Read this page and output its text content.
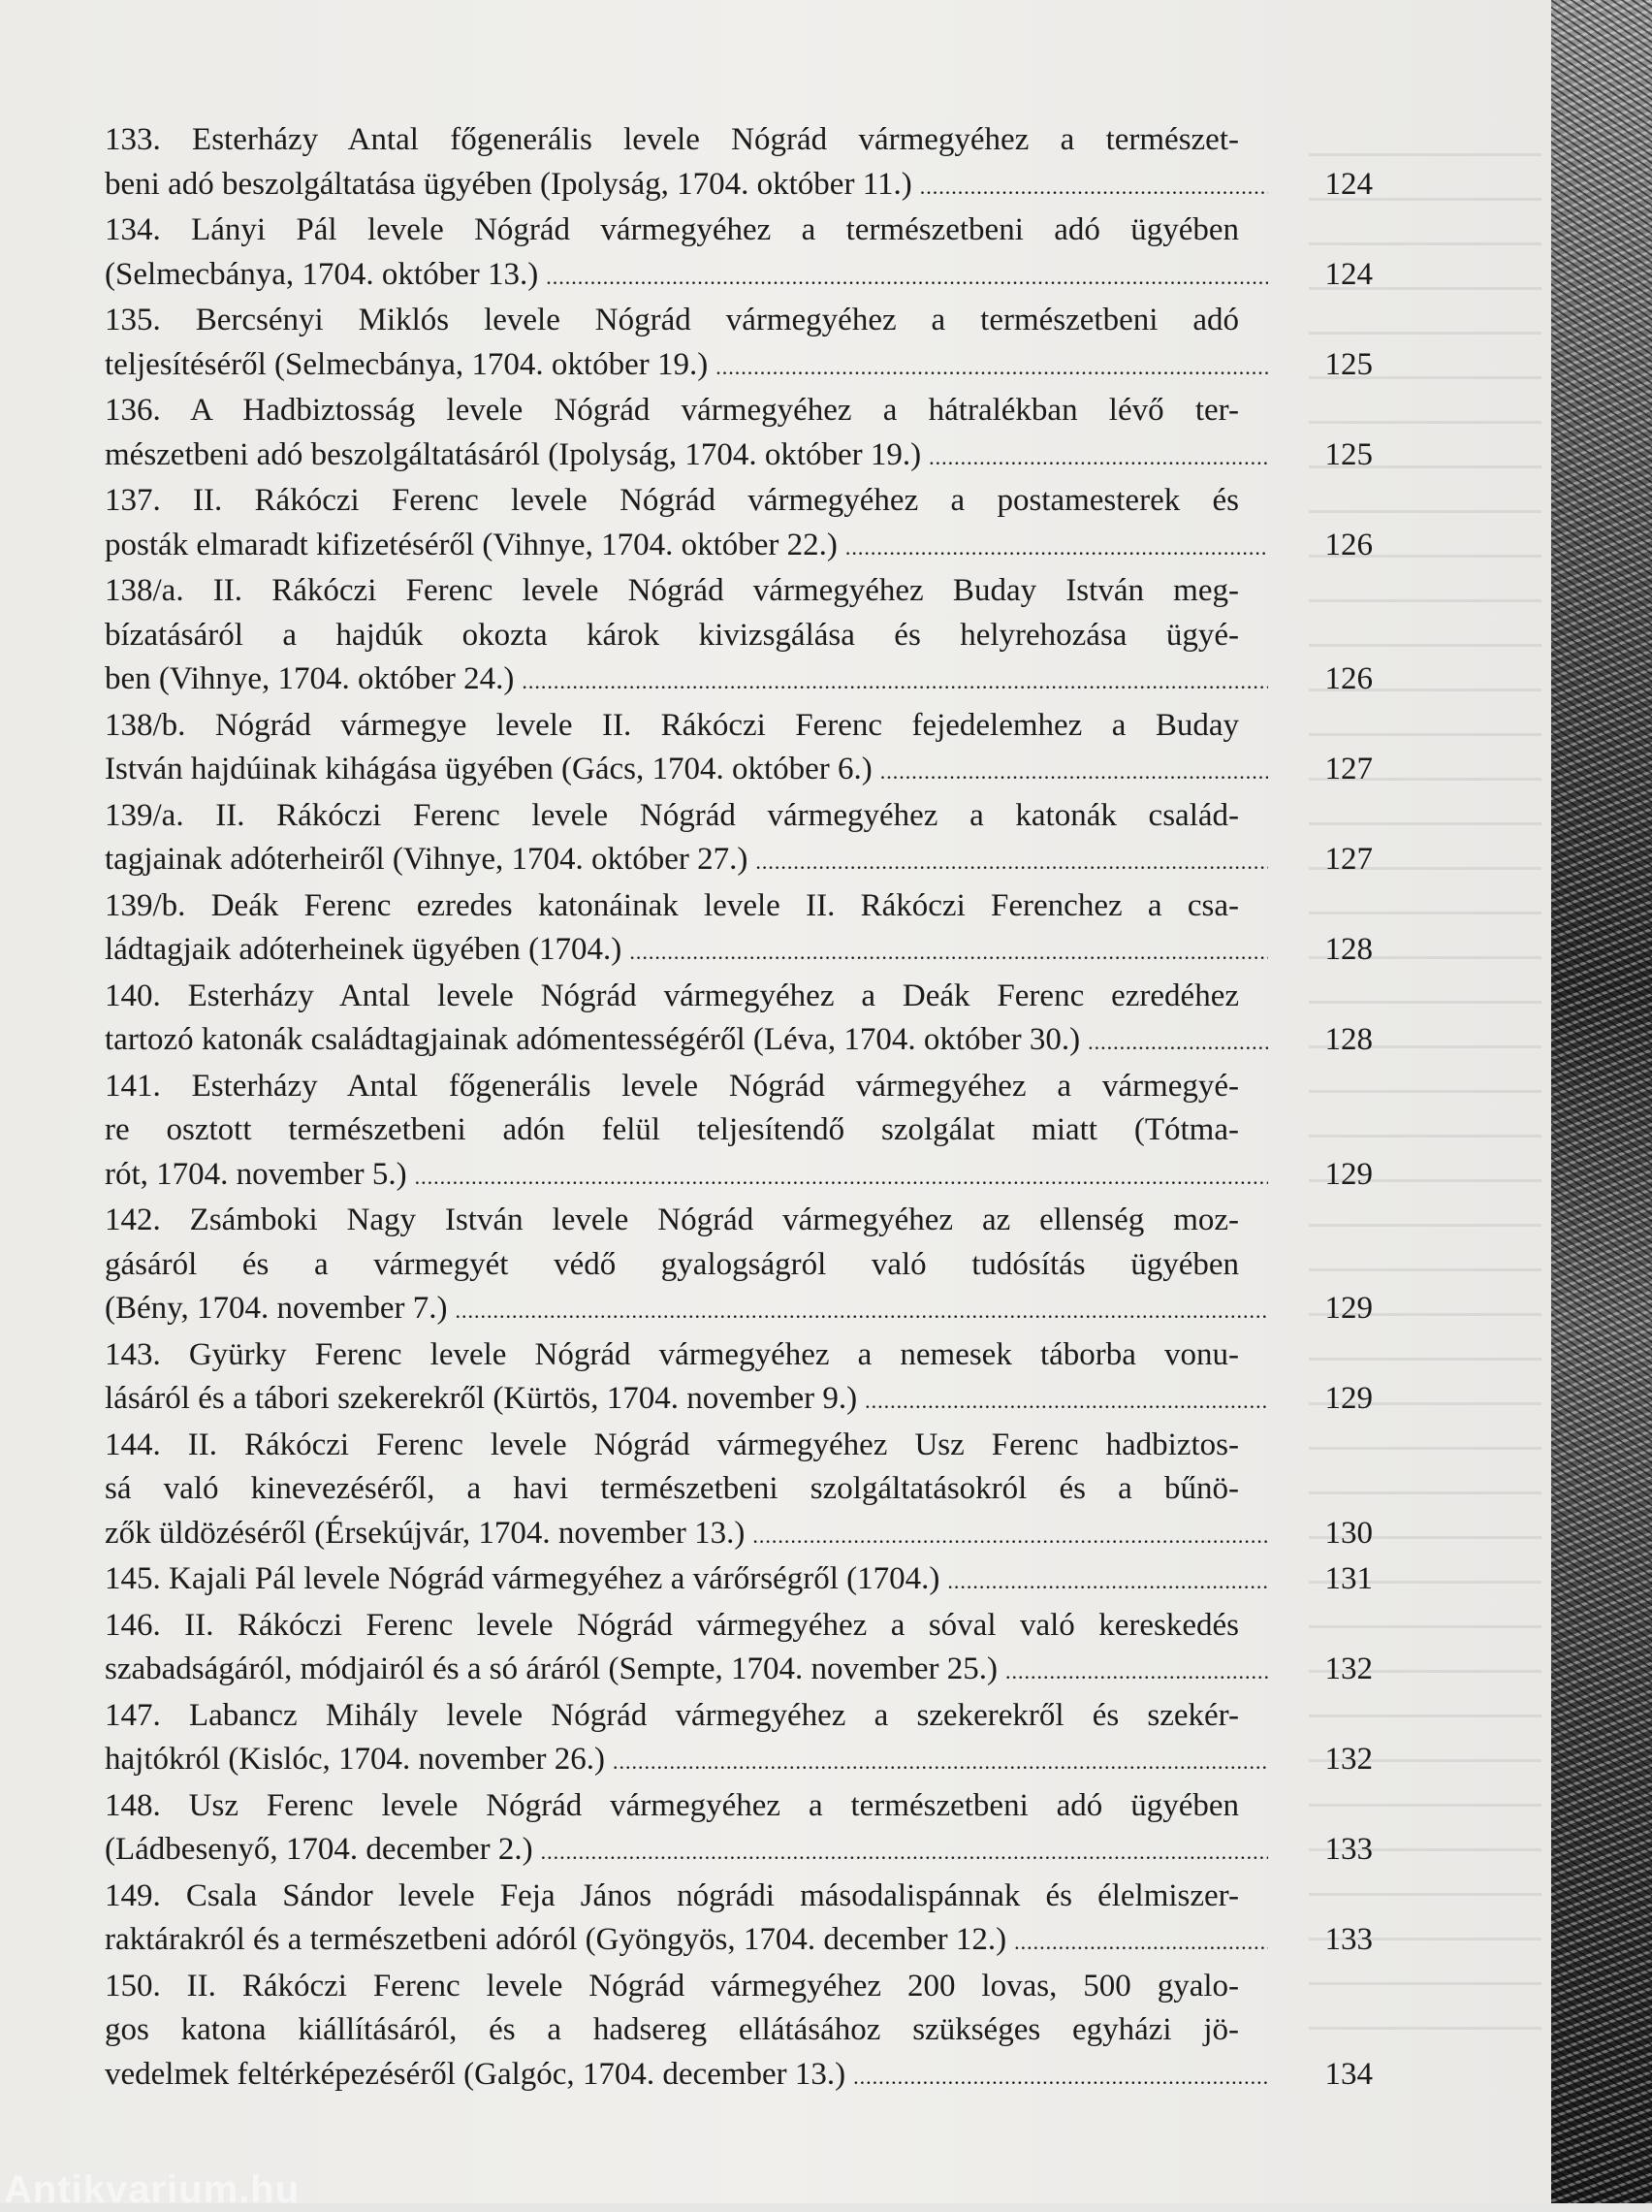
133. Esterházy Antal főgenerális levele Nógrád vármegyéhez a természet-
beni adó beszolgáltatása ügyében (Ipolyság, 1704. október 11.) .....	124
134. Lányi Pál levele Nógrád vármegyéhez a természetbeni adó ügyében
(Selmecbánya, 1704. október 13.) .....	124
135. Bercsényi Miklós levele Nógrád vármegyéhez a természetbeni adó
teljesítéséről (Selmecbánya, 1704. október 19.) .....	125
136. A Hadbiztosság levele Nógrád vármegyéhez a hátralékban lévő ter-
mészetbeni adó beszolgáltatásáról (Ipolyság, 1704. október 19.) .....	125
137. II. Rákóczi Ferenc levele Nógrád vármegyéhez a postamesterek és
posták elmaradt kifizetéséről (Vihnye, 1704. október 22.) .....	126
138/a. II. Rákóczi Ferenc levele Nógrád vármegyéhez Buday István meg-
bízatásáról a hajdúk okozta károk kivizsgálása és helyrehozása ügyé-
ben (Vihnye, 1704. október 24.) .....	126
138/b. Nógrád vármegye levele II. Rákóczi Ferenc fejedelemhez a Buday
István hajdúinak kihágása ügyében (Gács, 1704. október 6.) .....	127
139/a. II. Rákóczi Ferenc levele Nógrád vármegyéhez a katonák család-
tagjainak adóterheiről (Vihnye, 1704. október 27.) .....	127
139/b. Deák Ferenc ezredes katonáinak levele II. Rákóczi Ferenchez a csa-
ládtagjaik adóterheinek ügyében (1704.) .....	128
140. Esterházy Antal levele Nógrád vármegyéhez a Deák Ferenc ezredéhez
tartozó katonák családtagjainak adómentességéről (Léva, 1704. október 30.) .....	128
141. Esterházy Antal főgenerális levele Nógrád vármegyéhez a vármegyé-
re osztott természetbeni adón felül teljesítendő szolgálat miatt (Tótma-
rót, 1704. november 5.) .....	129
142. Zsámboki Nagy István levele Nógrád vármegyéhez az ellenség moz-
gásáról és a vármegyét védő gyalogságról való tudósítás ügyében
(Bény, 1704. november 7.) .....	129
143. Gyürky Ferenc levele Nógrád vármegyéhez a nemesek táborba vonu-
lásáról és a tábori szekerekről (Kürtös, 1704. november 9.) .....	129
144. II. Rákóczi Ferenc levele Nógrád vármegyéhez Usz Ferenc hadbiztos-
sá való kinevezéséről, a havi természetbeni szolgáltatásokról és a bűnö-
zők üldözéséről (Érsekújvár, 1704. november 13.) .....	130
145. Kajali Pál levele Nógrád vármegyéhez a várőrségről (1704.) .....	131
146. II. Rákóczi Ferenc levele Nógrád vármegyéhez a sóval való kereskedés
szabadságáról, módjairól és a só áráról (Sempte, 1704. november 25.) .....	132
147. Labancz Mihály levele Nógrád vármegyéhez a szekerekről és szekér-
hajtókról (Kislóc, 1704. november 26.) .....	132
148. Usz Ferenc levele Nógrád vármegyéhez a természetbeni adó ügyében
(Ládbesenyő, 1704. december 2.) .....	133
149. Csala Sándor levele Feja János nógrádi másodalispánnak és élelmiszer-
raktárakról és a természetbeni adóról (Gyöngyös, 1704. december 12.) .....	133
150. II. Rákóczi Ferenc levele Nógrád vármegyéhez 200 lovas, 500 gyalo-
gos katona kiállításáról, és a hadsereg ellátásához szükséges egyházi jö-
vedelmek feltérképezéséről (Galgóc, 1704. december 13.) .....	134
Antikvarium.hu
